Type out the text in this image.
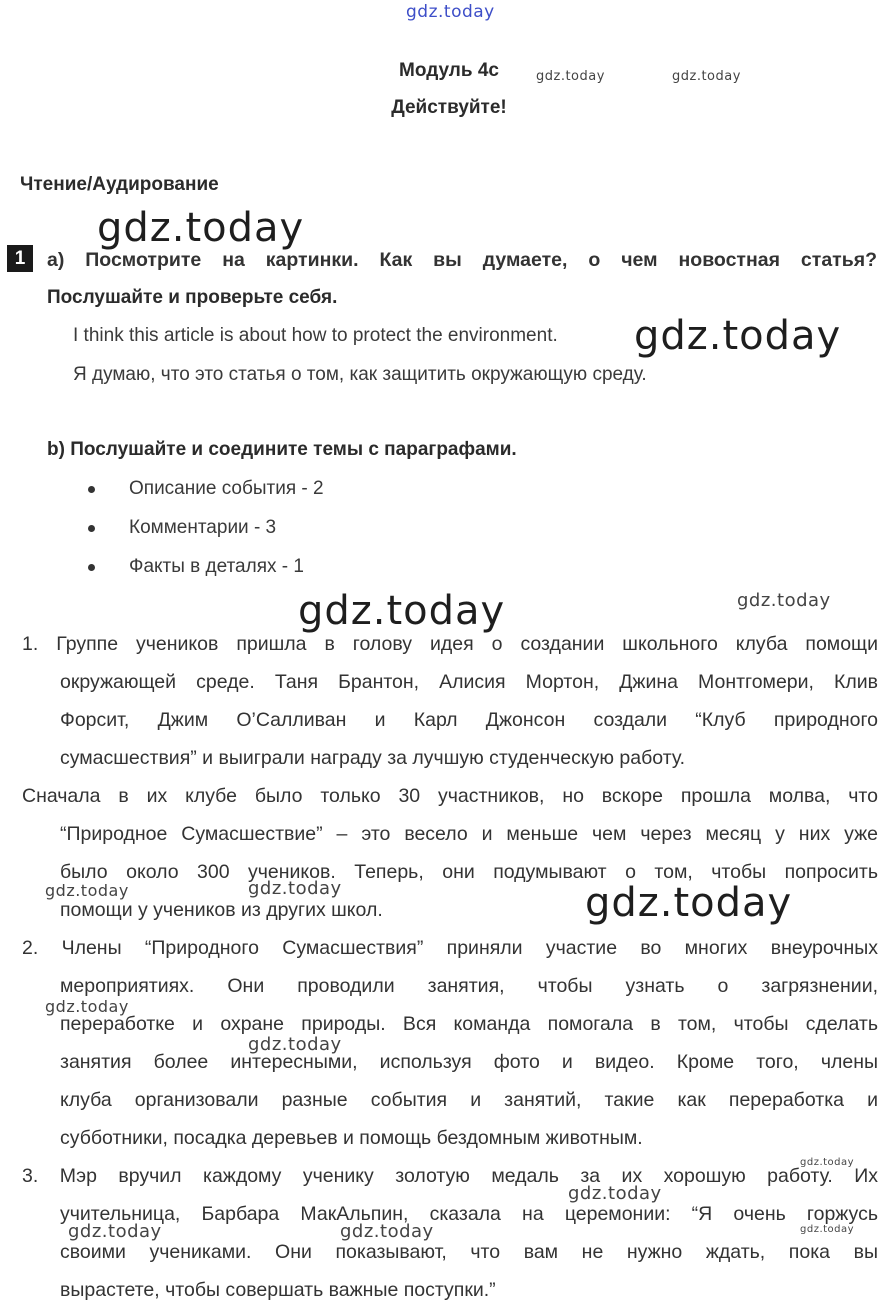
gdz.today
Модуль 4c
Действуйте!
gdz.today	gdz.today
Чтение/Аудирование
gdz.today
1	a) Посмотрите на картинки. Как вы думаете, о чем новостная статья?
Послушайте и проверьте себя.
I think this article is about how to protect the environment. gdz.today
Я думаю, что это статья о том, как защитить окружающую среду.
b) Послушайте и соедините темы с параграфами.
Описание события - 2
Комментарии - 3
Факты в деталях - 1
gdz.today	gdz.today
1. Группе учеников пришла в голову идея о создании школьного клуба помощи
окружающей среде. Таня Брантон, Алисия Мортон, Джина Монтгомери, Клив
Форсит, Джим О’Салливан и Карл Джонсон создали “Клуб природного
сумасшествия” и выиграли награду за лучшую студенческую работу.
Сначала в их клубе было только 30 участников, но вскоре прошла молва, что
“Природное Сумасшествие” – это весело и меньше чем через месяц у них уже
было около 300 учеников. Теперь, они подумывают о том, чтобы попросить
gdz.today	gdz.today
помощи у учеников из других школ.	gdz.today
2. Члены “Природного Сумасшествия” приняли участие во многих внеурочных
мероприятиях. Они проводили занятия, чтобы узнать о загрязнении,
gdz.today
переработке и охране природы. Вся команда помогала в том, чтобы сделать
gdz.today
занятия более интересными, используя фото и видео. Кроме того, члены
клуба организовали разные события и занятий, такие как переработка и
субботники, посадка деревьев и помощь бездомным животным.
gdz.today
3. Мэр вручил каждому ученику золотую медаль за их хорошую работу. Их
gdz.today
учительница, Барбара МакАльпин, сказала на церемонии: “Я очень горжусь
gdz.today
gdz.today	gdz.today
своими учениками. Они показывают, что вам не нужно ждать, пока вы
вырастете, чтобы совершать важные поступки.”
